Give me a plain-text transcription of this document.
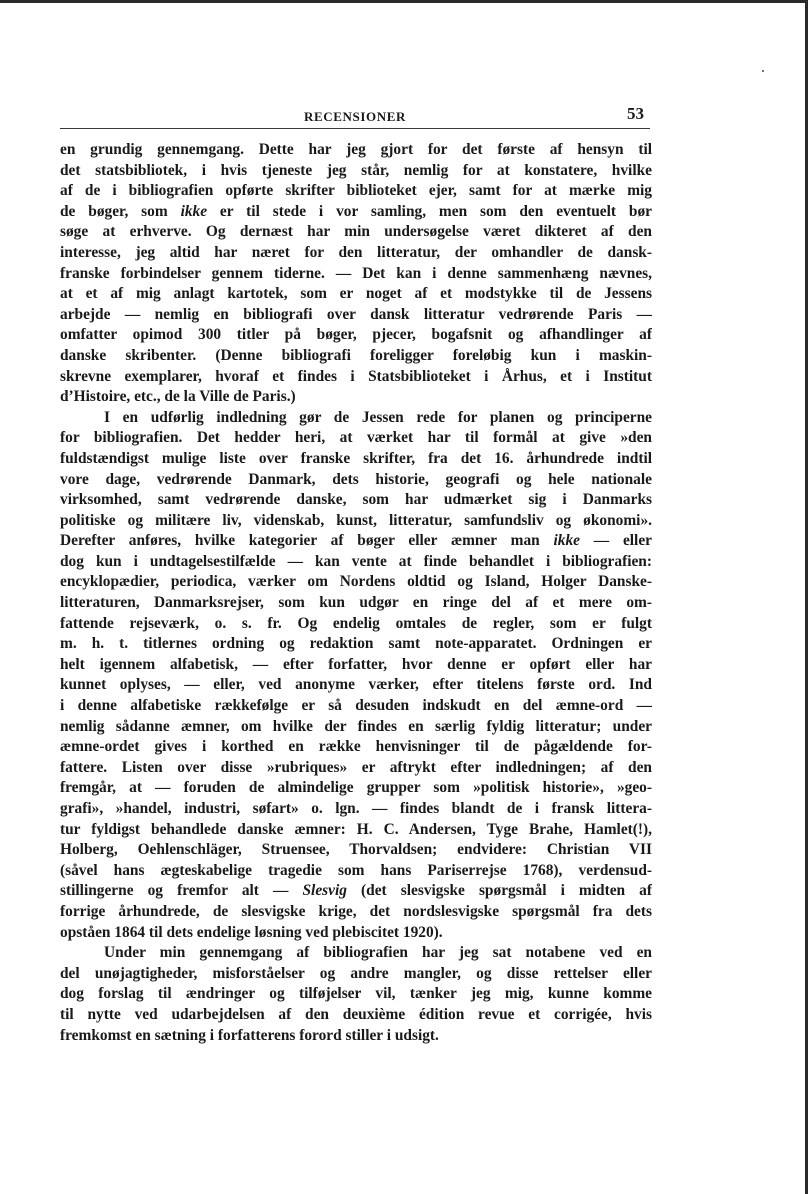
RECENSIONER	53
en grundig gennemgang. Dette har jeg gjort for det første af hensyn til
det statsbibliotek, i hvis tjeneste jeg står, nemlig for at konstatere, hvilke
af de i bibliografien opførte skrifter biblioteket ejer, samt for at mærke mig
de bøger, som ikke er til stede i vor samling, men som den eventuelt bør
søge at erhverve. Og dernæst har min undersøgelse været dikteret af den
interesse, jeg altid har næret for den litteratur, der omhandler de dansk-
franske forbindelser gennem tiderne. — Det kan i denne sammenhæng nævnes,
at et af mig anlagt kartotek, som er noget af et modstykke til de Jessens
arbejde — nemlig en bibliografi over dansk litteratur vedrørende Paris —
omfatter opimod 300 titler på bøger, pjecer, bogafsnit og afhandlinger af
danske skribenter. (Denne bibliografi foreligger foreløbig kun i maskin-
skrevne exemplarer, hvoraf et findes i Statsbiblioteket i Århus, et i Institut
d’Histoire, etc., de la Ville de Paris.)
I en udførlig indledning gør de Jessen rede for planen og principerne
for bibliografien. Det hedder heri, at værket har til formål at give »den
fuldstændigst mulige liste over franske skrifter, fra det 16. århundrede indtil
vore dage, vedrørende Danmark, dets historie, geografi og hele nationale
virksomhed, samt vedrørende danske, som har udmærket sig i Danmarks
politiske og militære liv, videnskab, kunst, litteratur, samfundsliv og økonomi».
Derefter anføres, hvilke kategorier af bøger eller æmner man ikke — eller
dog kun i undtagelsestilfælde — kan vente at finde behandlet i bibliografien:
encyklopædier, periodica, værker om Nordens oldtid og Island, Holger Danske-
litteraturen, Danmarksrejser, som kun udgør en ringe del af et mere om-
fattende rejseværk, o. s. fr. Og endelig omtales de regler, som er fulgt
m. h. t. titlernes ordning og redaktion samt note-apparatet. Ordningen er
helt igennem alfabetisk, — efter forfatter, hvor denne er opført eller har
kunnet oplyses, — eller, ved anonyme værker, efter titelens første ord. Ind
i denne alfabetiske rækkefølge er så desuden indskudt en del æmne-ord —
nemlig sådanne æmner, om hvilke der findes en særlig fyldig litteratur; under
æmne-ordet gives i korthed en række henvisninger til de pågældende for-
fattere. Listen over disse »rubriques» er aftrykt efter indledningen; af den
fremgår, at — foruden de almindelige grupper som »politisk historie», »geo-
grafi», »handel, industri, søfart» o. lgn. — findes blandt de i fransk littera-
tur fyldigst behandlede danske æmner: H. C. Andersen, Tyge Brahe, Hamlet(!),
Holberg, Oehlenschläger, Struensee, Thorvaldsen; endvidere: Christian VII
(såvel hans ægteskabelige tragedie som hans Pariserrejse 1768), verdensud-
stillingerne og fremfor alt — Slesvig (det slesvigske spørgsmål i midten af
forrige århundrede, de slesvigske krige, det nordslesvigske spørgsmål fra dets
opståen 1864 til dets endelige løsning ved plebiscitet 1920).
Under min gennemgang af bibliografien har jeg sat notabene ved en
del unøjagtigheder, misforståelser og andre mangler, og disse rettelser eller
dog forslag til ændringer og tilføjelser vil, tænker jeg mig, kunne komme
til nytte ved udarbejdelsen af den deuxième édition revue et corrigée, hvis
fremkomst en sætning i forfatterens forord stiller i udsigt.
